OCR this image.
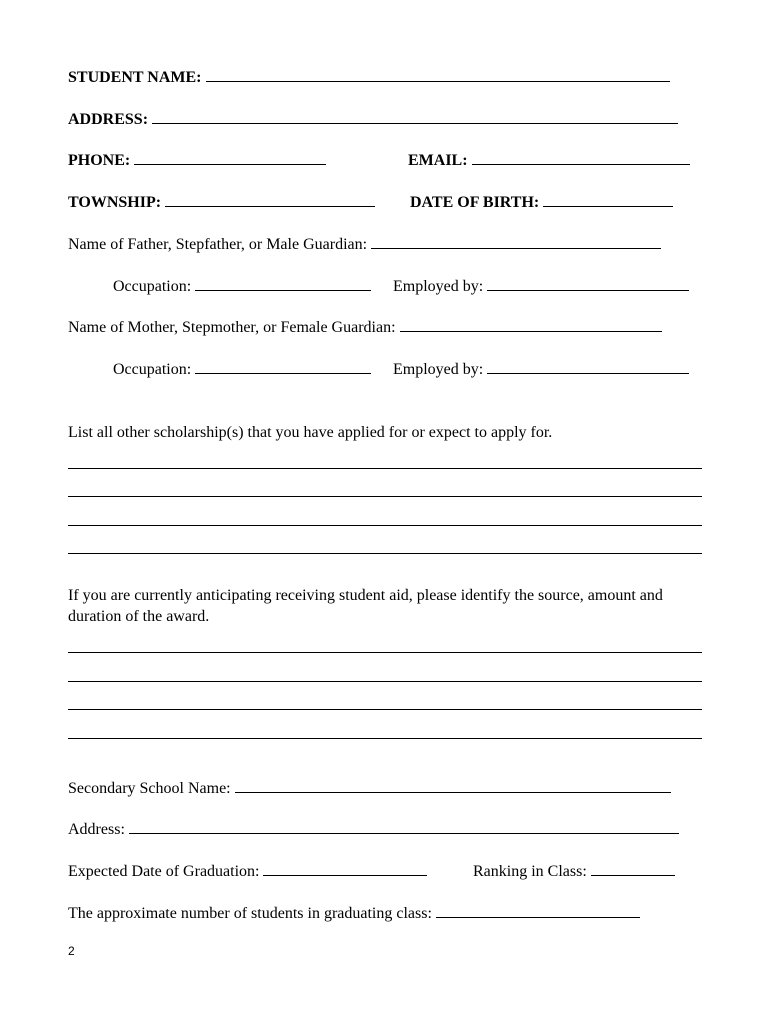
STUDENT NAME:
ADDRESS:
PHONE:	EMAIL:
TOWNSHIP:	DATE OF BIRTH:
Name of Father, Stepfather, or Male Guardian:
Occupation:	Employed by:
Name of Mother, Stepmother, or Female Guardian:
Occupation:	Employed by:
List all other scholarship(s) that you have applied for or expect to apply for.
If you are currently anticipating receiving student aid, please identify the source, amount and duration of the award.
Secondary School Name:
Address:
Expected Date of Graduation:	Ranking in Class:
The approximate number of students in graduating class:
2
